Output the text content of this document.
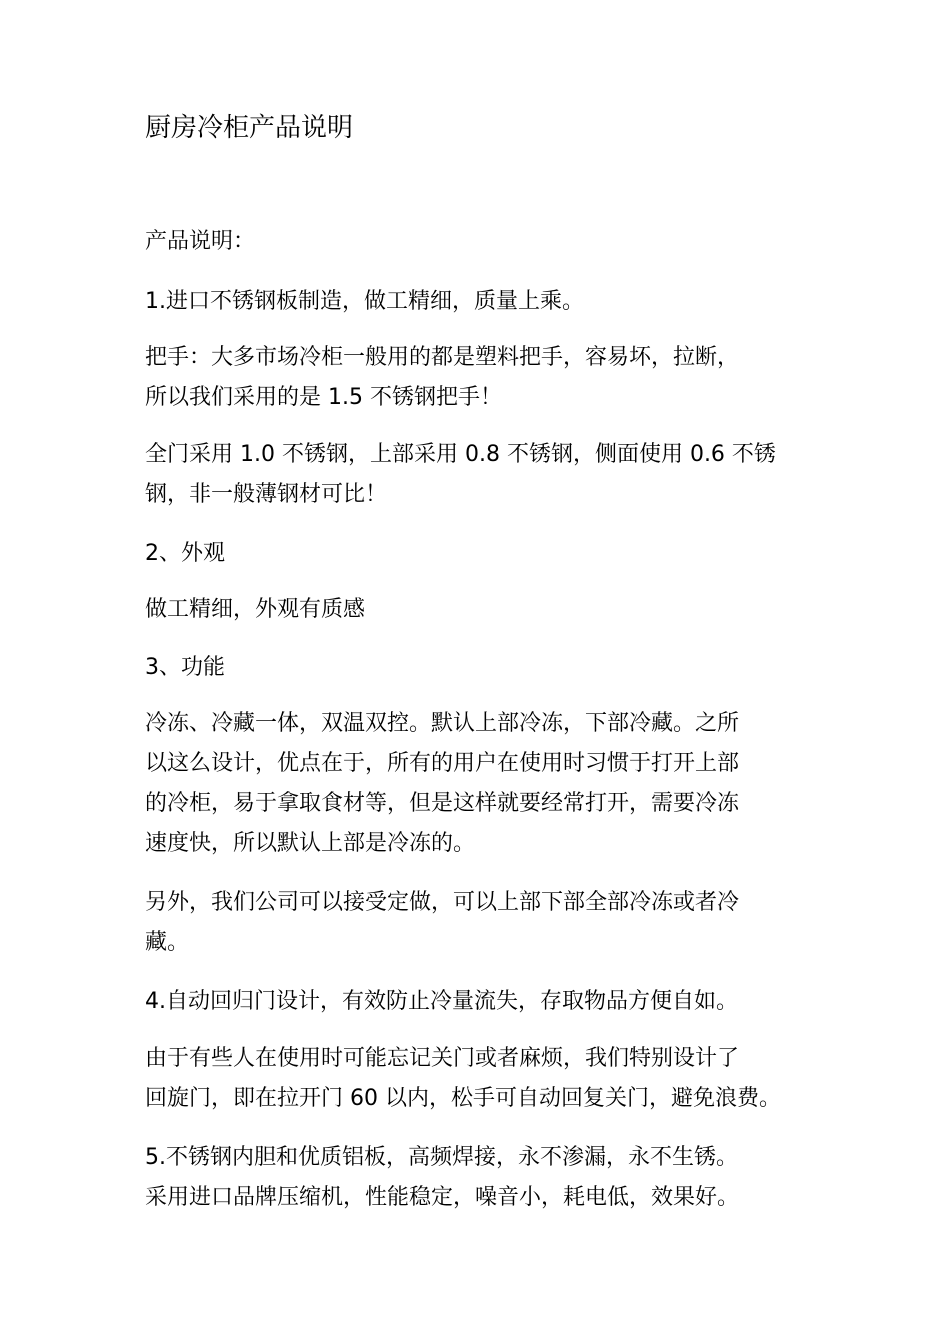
厨房冷柜产品说明

产品说明：

1.进口不锈钢板制造，做工精细，质量上乘。

把手：大多市场冷柜一般用的都是塑料把手，容易坏，拉断，
所以我们采用的是 1.5 不锈钢把手！

全门采用 1.0 不锈钢，上部采用 0.8 不锈钢，侧面使用 0.6 不锈
钢，非一般薄钢材可比！

2、外观

做工精细，外观有质感

3、功能

冷冻、冷藏一体，双温双控。默认上部冷冻，下部冷藏。之所
以这么设计，优点在于，所有的用户在使用时习惯于打开上部
的冷柜，易于拿取食材等，但是这样就要经常打开，需要冷冻
速度快，所以默认上部是冷冻的。

另外，我们公司可以接受定做，可以上部下部全部冷冻或者冷
藏。

4.自动回归门设计，有效防止冷量流失，存取物品方便自如。

由于有些人在使用时可能忘记关门或者麻烦，我们特别设计了
回旋门，即在拉开门 60 以内，松手可自动回复关门，避免浪费。

5.不锈钢内胆和优质铝板，高频焊接，永不渗漏，永不生锈。
采用进口品牌压缩机，性能稳定，噪音小，耗电低，效果好。
